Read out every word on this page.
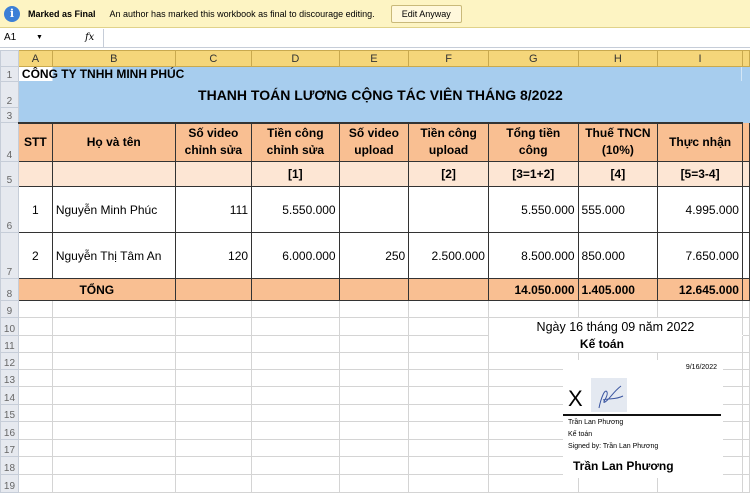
i	Marked as Final An author has marked this workbook as final to discourage editing.	Edit Anyway
A1	▼	fx
	A	B	C	D	E	F	G	H	I	
1	CÔNG TY TNHH MINH PHÚC									
2	THANH TOÁN LƯƠNG CỘNG TÁC VIÊN THÁNG 8/2022									
3										
4	STT	Họ và tên	Số video chỉnh sửa	Tiền công chỉnh sửa	Số video upload	Tiền công upload	Tổng tiền công	Thuế TNCN (10%)	Thực nhận	
5				[1]		[2]	[3=1+2]	[4]	[5=3-4]	
6	1	Nguyễn Minh Phúc	111	5.550.000			5.550.000	555.000	4.995.000	
7	2	Nguyễn Thị Tâm An	120	6.000.000	250	2.500.000	8.500.000	850.000	7.650.000	
8	TỔNG						14.050.000	1.405.000	12.645.000	
9										
10							Ngày 16 tháng 09 năm 2022			
11							Kế toán			
12										
13										
14										
15										
16										
17										
18										
19										
9/16/2022
X
Trần Lan Phương
Kế toán
Signed by: Trần Lan Phương
Trần Lan Phương
